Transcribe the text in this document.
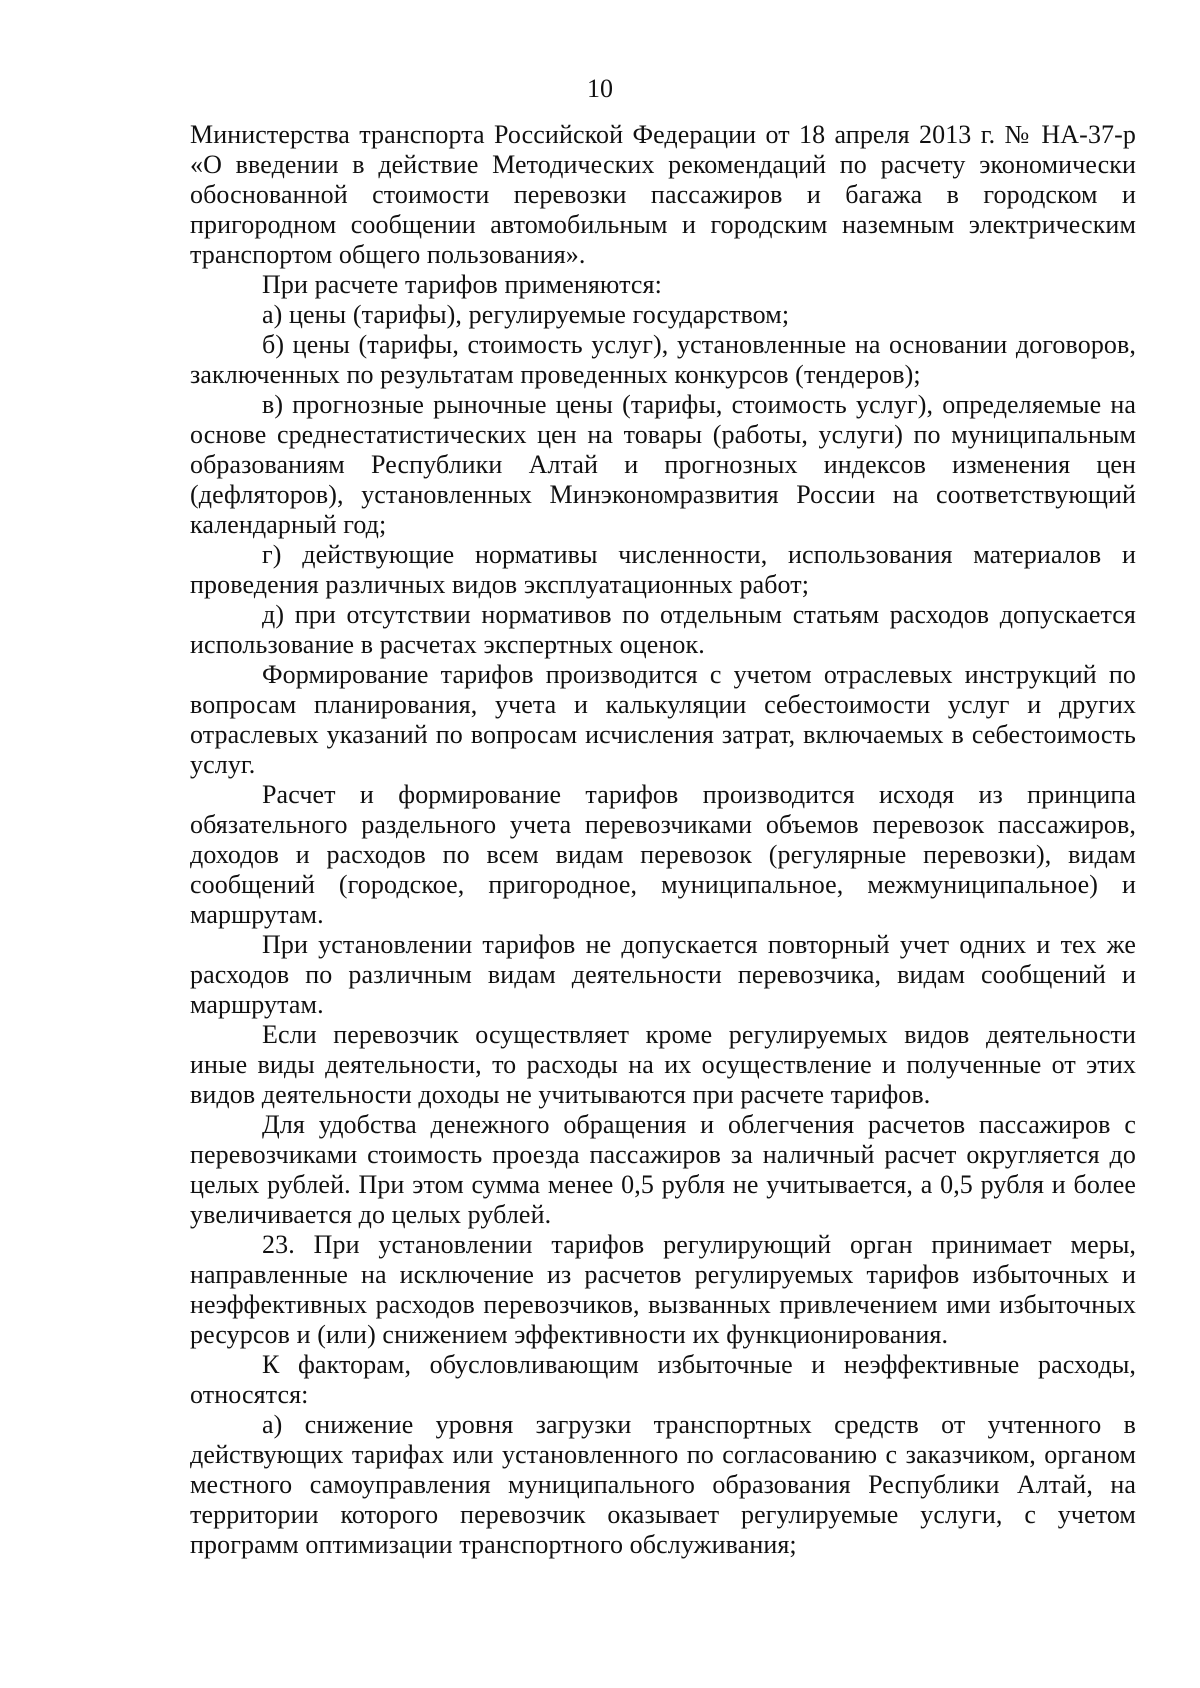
10

Министерства транспорта Российской Федерации от 18 апреля 2013 г. № НА-37-р «О введении в действие Методических рекомендаций по расчету экономически обоснованной стоимости перевозки пассажиров и багажа в городском и пригородном сообщении автомобильным и городским наземным электрическим транспортом общего пользования».

При расчете тарифов применяются:

а) цены (тарифы), регулируемые государством;

б) цены (тарифы, стоимость услуг), установленные на основании договоров, заключенных по результатам проведенных конкурсов (тендеров);

в) прогнозные рыночные цены (тарифы, стоимость услуг), определяемые на основе среднестатистических цен на товары (работы, услуги) по муниципальным образованиям Республики Алтай и прогнозных индексов изменения цен (дефляторов), установленных Минэкономразвития России на соответствующий календарный год;

г) действующие нормативы численности, использования материалов и проведения различных видов эксплуатационных работ;

д) при отсутствии нормативов по отдельным статьям расходов допускается использование в расчетах экспертных оценок.

Формирование тарифов производится с учетом отраслевых инструкций по вопросам планирования, учета и калькуляции себестоимости услуг и других отраслевых указаний по вопросам исчисления затрат, включаемых в себестоимость услуг.

Расчет и формирование тарифов производится исходя из принципа обязательного раздельного учета перевозчиками объемов перевозок пассажиров, доходов и расходов по всем видам перевозок (регулярные перевозки), видам сообщений (городское, пригородное, муниципальное, межмуниципальное) и маршрутам.

При установлении тарифов не допускается повторный учет одних и тех же расходов по различным видам деятельности перевозчика, видам сообщений и маршрутам.

Если перевозчик осуществляет кроме регулируемых видов деятельности иные виды деятельности, то расходы на их осуществление и полученные от этих видов деятельности доходы не учитываются при расчете тарифов.

Для удобства денежного обращения и облегчения расчетов пассажиров с перевозчиками стоимость проезда пассажиров за наличный расчет округляется до целых рублей. При этом сумма менее 0,5 рубля не учитывается, а 0,5 рубля и более увеличивается до целых рублей.

23. При установлении тарифов регулирующий орган принимает меры, направленные на исключение из расчетов регулируемых тарифов избыточных и неэффективных расходов перевозчиков, вызванных привлечением ими избыточных ресурсов и (или) снижением эффективности их функционирования.

К факторам, обусловливающим избыточные и неэффективные расходы, относятся:

а) снижение уровня загрузки транспортных средств от учтенного в действующих тарифах или установленного по согласованию с заказчиком, органом местного самоуправления муниципального образования Республики Алтай, на территории которого перевозчик оказывает регулируемые услуги, с учетом программ оптимизации транспортного обслуживания;
